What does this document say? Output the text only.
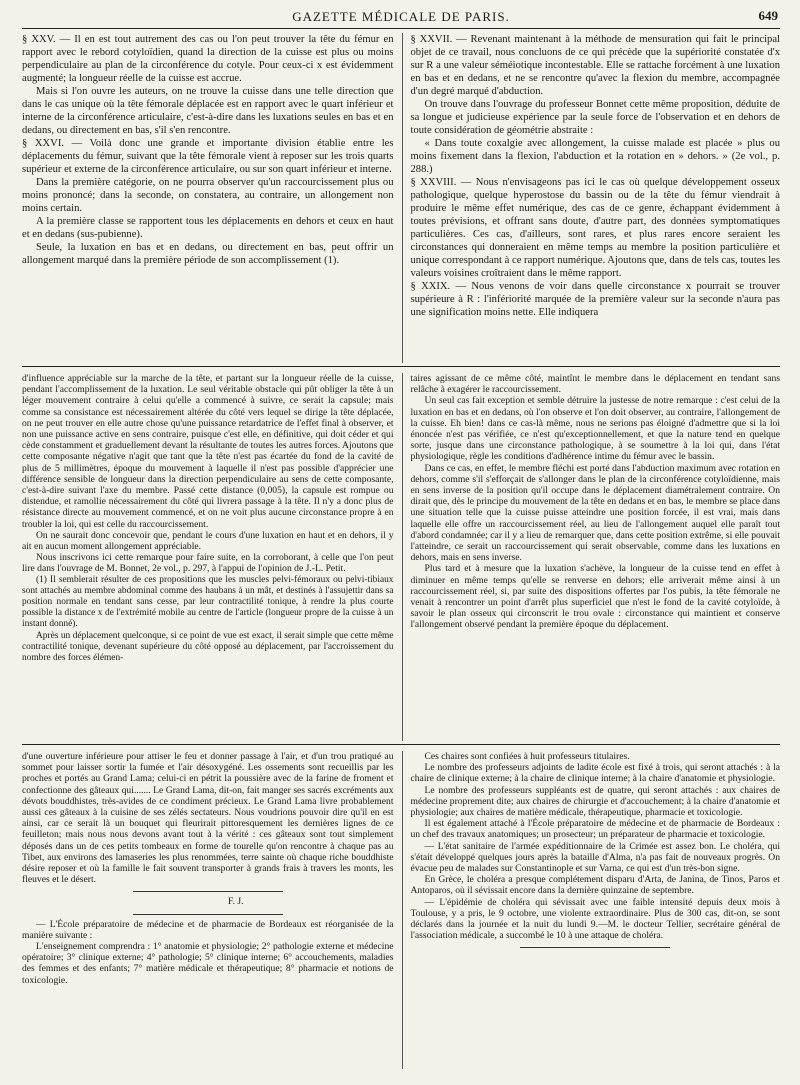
GAZETTE MÉDICALE DE PARIS.	649

§ XXV. — Il en est tout autrement des cas ou l'on peut trouver la tête du fémur en rapport avec le rebord cotyloïdien, quand la direction de la cuisse est plus ou moins perpendiculaire au plan de la circonférence du cotyle. Pour ceux-ci x est évidemment augmenté; la longueur réelle de la cuisse est accrue.

Mais si l'on ouvre les auteurs, on ne trouve la cuisse dans une telle direction que dans le cas unique où la tête fémorale déplacée est en rapport avec le quart inférieur et interne de la circonférence articulaire, c'est-à-dire dans les luxations seules en bas et en dedans, ou directement en bas, s'il s'en rencontre.

§ XXVI. — Voilà donc une grande et importante division établie entre les déplacements du fémur, suivant que la tête fémorale vient à reposer sur les trois quarts supérieur et externe de la circonférence articulaire, ou sur son quart inférieur et interne.

Dans la première catégorie, on ne pourra observer qu'un raccourcissement plus ou moins prononcé; dans la seconde, on constatera, au contraire, un allongement non moins certain.

A la première classe se rapportent tous les déplacements en dehors et ceux en haut et en dedans (sus-pubienne).

Seule, la luxation en bas et en dedans, ou directement en bas, peut offrir un allongement marqué dans la première période de son accomplissement (1).

§ XXVII. — Revenant maintenant à la méthode de mensuration qui fait le principal objet de ce travail, nous concluons de ce qui précède que la supériorité constatée d'x sur R a une valeur séméiotique incontestable. Elle se rattache forcément à une luxation en bas et en dedans, et ne se rencontre qu'avec la flexion du membre, accompagnée d'un degré marqué d'abduction.

On trouve dans l'ouvrage du professeur Bonnet cette même proposition, déduite de sa longue et judicieuse expérience par la seule force de l'observation et en dehors de toute considération de géométrie abstraite :

« Dans toute coxalgie avec allongement, la cuisse malade est placée » plus ou moins fixement dans la flexion, l'abduction et la rotation en » dehors. » (2e vol., p. 288.)

§ XXVIII. — Nous n'envisageons pas ici le cas où quelque développement osseux pathologique, quelque hyperostose du bassin ou de la tête du fémur viendrait à produire le même effet numérique, des cas de ce genre, échappant évidemment à toutes prévisions, et offrant sans doute, d'autre part, des données symptomatiques particulières. Ces cas, d'ailleurs, sont rares, et plus rares encore seraient les circonstances qui donneraient en même temps au membre la position particulière et unique correspondant à ce rapport numérique. Ajoutons que, dans de tels cas, toutes les valeurs voisines croîtraient dans le même rapport.

§ XXIX. — Nous venons de voir dans quelle circonstance x pourrait se trouver supérieure à R : l'infériorité marquée de la première valeur sur la seconde n'aura pas une signification moins nette. Elle indiquera

d'influence appréciable sur la marche de la tête, et partant sur la longueur réelle de la cuisse, pendant l'accomplissement de la luxation. Le seul véritable obstacle qui pût obliger la tête à un léger mouvement contraire à celui qu'elle a commencé à suivre, ce serait la capsule; mais comme sa consistance est nécessairement altérée du côté vers lequel se dirige la tête déplacée, on ne peut trouver en elle autre chose qu'une puissance retardatrice de l'effet final à observer, et non une puissance active en sens contraire, puisque c'est elle, en définitive, qui doit céder et qui cède constamment et graduellement devant la résultante de toutes les autres forces. Ajoutons que cette composante négative n'agit que tant que la tête n'est pas écartée du fond de la cavité de plus de 5 millimètres, époque du mouvement à laquelle il n'est pas possible d'apprécier une différence sensible de longueur dans la direction perpendiculaire au sens de cette composante, c'est-à-dire suivant l'axe du membre. Passé cette distance (0,005), la capsule est rompue ou distendue, et ramollie nécessairement du côté qui livrera passage à la tête. Il n'y a donc plus de résistance directe au mouvement commencé, et on ne voit plus aucune circonstance propre à en troubler la loi, qui est celle du raccourcissement.

On ne saurait donc concevoir que, pendant le cours d'une luxation en haut et en dehors, il y ait en aucun moment allongement appréciable.

Nous inscrivons ici cette remarque pour faire suite, en la corroborant, à celle que l'on peut lire dans l'ouvrage de M. Bonnet, 2e vol., p. 297, à l'appui de l'opinion de J.-L. Petit.

(1) Il semblerait résulter de ces propositions que les muscles pelvi-fémoraux ou pelvi-tibiaux sont attachés au membre abdominal comme des haubans à un mât, et destinés à l'assujettir dans sa position normale en tendant sans cesse, par leur contractilité tonique, à rendre la plus courte possible la distance x de l'extrémité mobile au centre de l'article (longueur propre de la cuisse à un instant donné).

Après un déplacement quelconque, si ce point de vue est exact, il serait simple que cette même contractilité tonique, devenant supérieure du côté opposé au déplacement, par l'accroissement du nombre des forces élémen-

taires agissant de ce même côté, maintînt le membre dans le déplacement en tendant sans relâche à exagérer le raccourcissement.

Un seul cas fait exception et semble détruire la justesse de notre remarque : c'est celui de la luxation en bas et en dedans, où l'on observe et l'on doit observer, au contraire, l'allongement de la cuisse. Eh bien! dans ce cas-là même, nous ne serions pas éloigné d'admettre que si la loi énoncée n'est pas vérifiée, ce n'est qu'exceptionnellement, et que la nature tend en quelque sorte, jusque dans une circonstance pathologique, à se soumettre à la loi qui, dans l'état physiologique, règle les conditions d'adhérence intime du fémur avec le bassin.

Dans ce cas, en effet, le membre fléchi est porté dans l'abduction maximum avec rotation en dehors, comme s'il s'efforçait de s'allonger dans le plan de la circonférence cotyloïdienne, mais en sens inverse de la position qu'il occupe dans le déplacement diamétralement contraire. On dirait que, dès le principe du mouvement de la tête en dedans et en bas, le membre se place dans une situation telle que la cuisse puisse atteindre une position forcée, il est vrai, mais dans laquelle elle offre un raccourcissement réel, au lieu de l'allongement auquel elle paraît tout d'abord condamnée; car il y a lieu de remarquer que, dans cette position extrême, si elle pouvait l'atteindre, ce serait un raccourcissement qui serait observable, comme dans les luxations en dehors, mais en sens inverse.

Plus tard et à mesure que la luxation s'achève, la longueur de la cuisse tend en effet à diminuer en même temps qu'elle se renverse en dehors; elle arriverait même ainsi à un raccourcissement réel, si, par suite des dispositions offertes par l'os pubis, la tête fémorale ne venait à rencontrer un point d'arrêt plus superficiel que n'est le fond de la cavité cotyloïde, à savoir le plan osseux qui circonscrit le trou ovale : circonstance qui maintient et conserve l'allongement observé pendant la première époque du déplacement.

d'une ouverture inférieure pour attiser le feu et donner passage à l'air, et d'un trou pratiqué au sommet pour laisser sortir la fumée et l'air désoxygéné. Les ossements sont recueillis par les proches et portés au Grand Lama; celui-ci en pétrit la poussière avec de la farine de froment et confectionne des gâteaux qui....... Le Grand Lama, dit-on, fait manger ses sacrés excréments aux dévots bouddhistes, très-avides de ce condiment précieux. Le Grand Lama livre probablement aussi ces gâteaux à la cuisine de ses zélés sectateurs. Nous voudrions pouvoir dire qu'il en est ainsi, car ce serait là un bouquet qui fleurirait pittoresquement les dernières lignes de ce feuilleton; mais nous nous devons avant tout à la vérité : ces gâteaux sont tout simplement déposés dans un de ces petits tombeaux en forme de tourelle qu'on rencontre à chaque pas au Tibet, aux environs des lamaseries les plus renommées, terre sainte où chaque riche bouddhiste désire reposer et où la famille le fait souvent transporter à grands frais à travers les monts, les fleuves et le désert.

F. J.

— L'École préparatoire de médecine et de pharmacie de Bordeaux est réorganisée de la manière suivante :

L'enseignement comprendra : 1° anatomie et physiologie; 2° pathologie externe et médecine opératoire; 3° clinique externe; 4° pathologie; 5° clinique interne; 6° accouchements, maladies des femmes et des enfants; 7° matière médicale et thérapeutique; 8° pharmacie et notions de toxicologie.

Ces chaires sont confiées à huit professeurs titulaires.

Le nombre des professeurs adjoints de ladite école est fixé à trois, qui seront attachés : à la chaire de clinique externe; à la chaire de clinique interne; à la chaire d'anatomie et physiologie.

Le nombre des professeurs suppléants est de quatre, qui seront attachés : aux chaires de médecine proprement dite; aux chaires de chirurgie et d'accouchement; à la chaire d'anatomie et physiologie; aux chaires de matière médicale, thérapeutique, pharmacie et toxicologie.

Il est également attaché à l'École préparatoire de médecine et de pharmacie de Bordeaux : un chef des travaux anatomiques; un prosecteur; un préparateur de pharmacie et toxicologie.

— L'état sanitaire de l'armée expéditionnaire de la Crimée est assez bon. Le choléra, qui s'était développé quelques jours après la bataille d'Alma, n'a pas fait de nouveaux progrès. On évacue peu de malades sur Constantinople et sur Varna, ce qui est d'un très-bon signe.

En Grèce, le choléra a presque complétement disparu d'Arta, de Janina, de Tinos, Paros et Antoparos, où il sévissait encore dans la dernière quinzaine de septembre.

— L'épidémie de choléra qui sévissait avec une faible intensité depuis deux mois à Toulouse, y a pris, le 9 octobre, une violente extraordinaire. Plus de 300 cas, dit-on, se sont déclarés dans la journée et la nuit du lundi 9.—M. le docteur Tellier, secrétaire général de l'association médicale, a succombé le 10 à une attaque de choléra.
